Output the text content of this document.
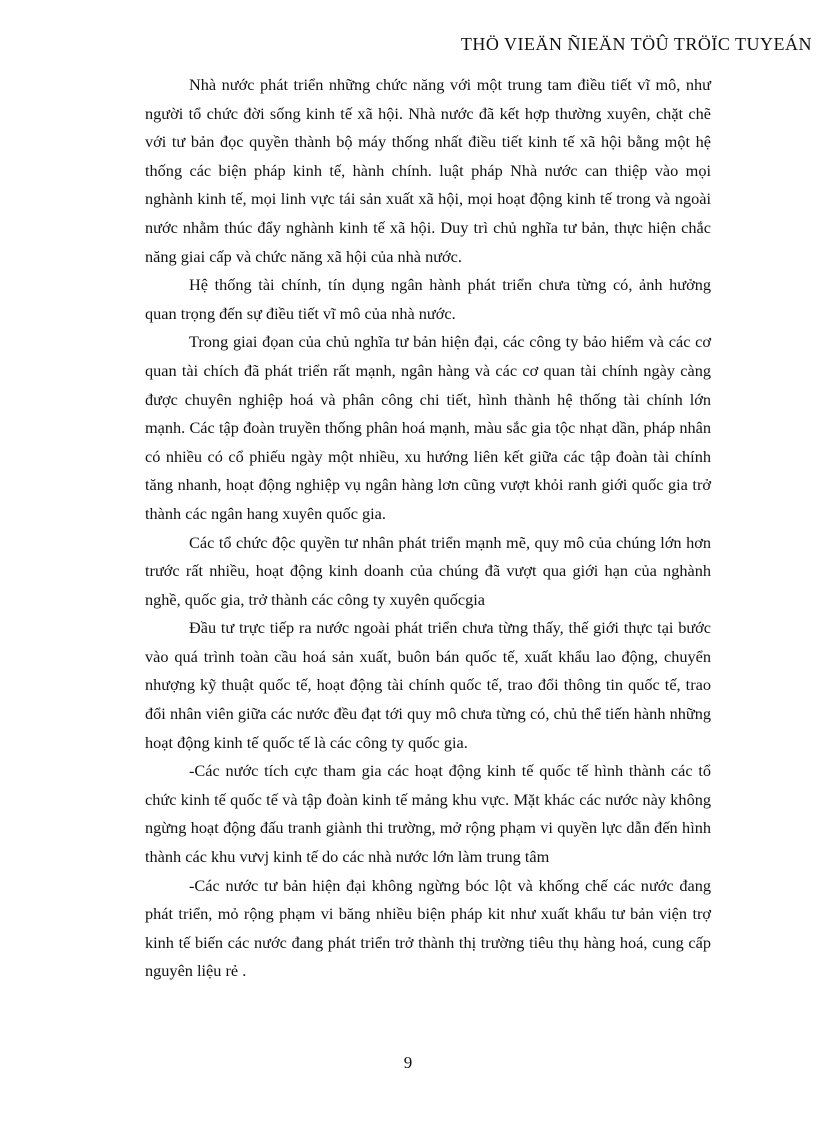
THÖ VIEÄN ÑIEÄN TÖÛ TRÖÏC TUYEÁN

Nhà nước phát triển những chức năng với một trung tam điều tiết vĩ mô, như người tổ chức đời sống kinh tế xã hội. Nhà nước đã kết hợp thường xuyên, chặt chẽ với tư bản đọc quyền thành bộ máy thống nhất điều tiết kinh tế xã hội bằng một hệ thống các biện pháp kinh tế, hành chính. luật pháp Nhà nước can thiệp vào mọi nghành kinh tế, mọi linh vực tái sản xuất xã hội, mọi hoạt động kinh tế trong và ngoài nước nhằm thúc đẩy nghành kinh tế xã hội. Duy trì chủ nghĩa tư bản, thực hiện chắc năng giai cấp và chức năng xã hội của nhà nước.

Hệ thống tài chính, tín dụng ngân hành phát triển chưa từng có, ảnh hưởng quan trọng đến sự điều tiết vĩ mô của nhà nước.

Trong giai đọan của chủ nghĩa tư bản hiện đại, các công ty bảo hiểm và các cơ quan tài chích đã phát triển rất mạnh, ngân hàng và các cơ quan tài chính ngày càng được chuyên nghiệp hoá và phân công chi tiết, hình thành hệ thống tài chính lớn mạnh. Các tập đoàn truyền thống phân hoá mạnh, màu sắc gia tộc nhạt dần, pháp nhân có nhiều có cổ phiếu ngày một nhiều, xu hướng liên kết giữa các tập đoàn tài chính tăng nhanh, hoạt động nghiệp vụ ngân hàng lơn cũng vượt khỏi ranh giới quốc gia trở thành các ngân hang xuyên quốc gia.

Các tổ chức độc quyền tư nhân phát triển mạnh mẽ, quy mô của chúng lớn hơn trước rất nhiều, hoạt động kinh doanh của chúng đã vượt qua giới hạn của nghành nghề, quốc gia, trở thành các công ty xuyên quốcgia

Đầu tư trực tiếp ra nước ngoài phát triển chưa từng thấy, thế giới thực tại bước vào quá trình toàn cầu hoá sản xuất, buôn bán quốc tế, xuất khẩu lao động, chuyển nhượng kỹ thuật quốc tế, hoạt động tài chính quốc tế, trao đổi thông tin quốc tế, trao đổi nhân viên giữa các nước đều đạt tới quy mô chưa từng có, chủ thể tiến hành những hoạt động kinh tế quốc tế là các công ty quốc gia.

-Các nước tích cực tham gia các hoạt động kinh tế quốc tế hình thành các tổ chức kinh tế quốc tế và tập đoàn kinh tế mảng khu vực. Mặt khác các nước này không ngừng hoạt động đấu tranh giành thi trường, mở rộng phạm vi quyền lực dẫn đến hình thành các khu vưvj kinh tế do các nhà nước lớn làm trung tâm

-Các nước tư bản hiện đại không ngừng bóc lột và khống chế các nước đang phát triển, mỏ rộng phạm vi băng nhiều biện pháp kit như xuất khẩu tư bản viện trợ kinh tế biến các nước đang phát triển trở thành thị trường tiêu thụ hàng hoá, cung cấp nguyên liệu rẻ .

9
